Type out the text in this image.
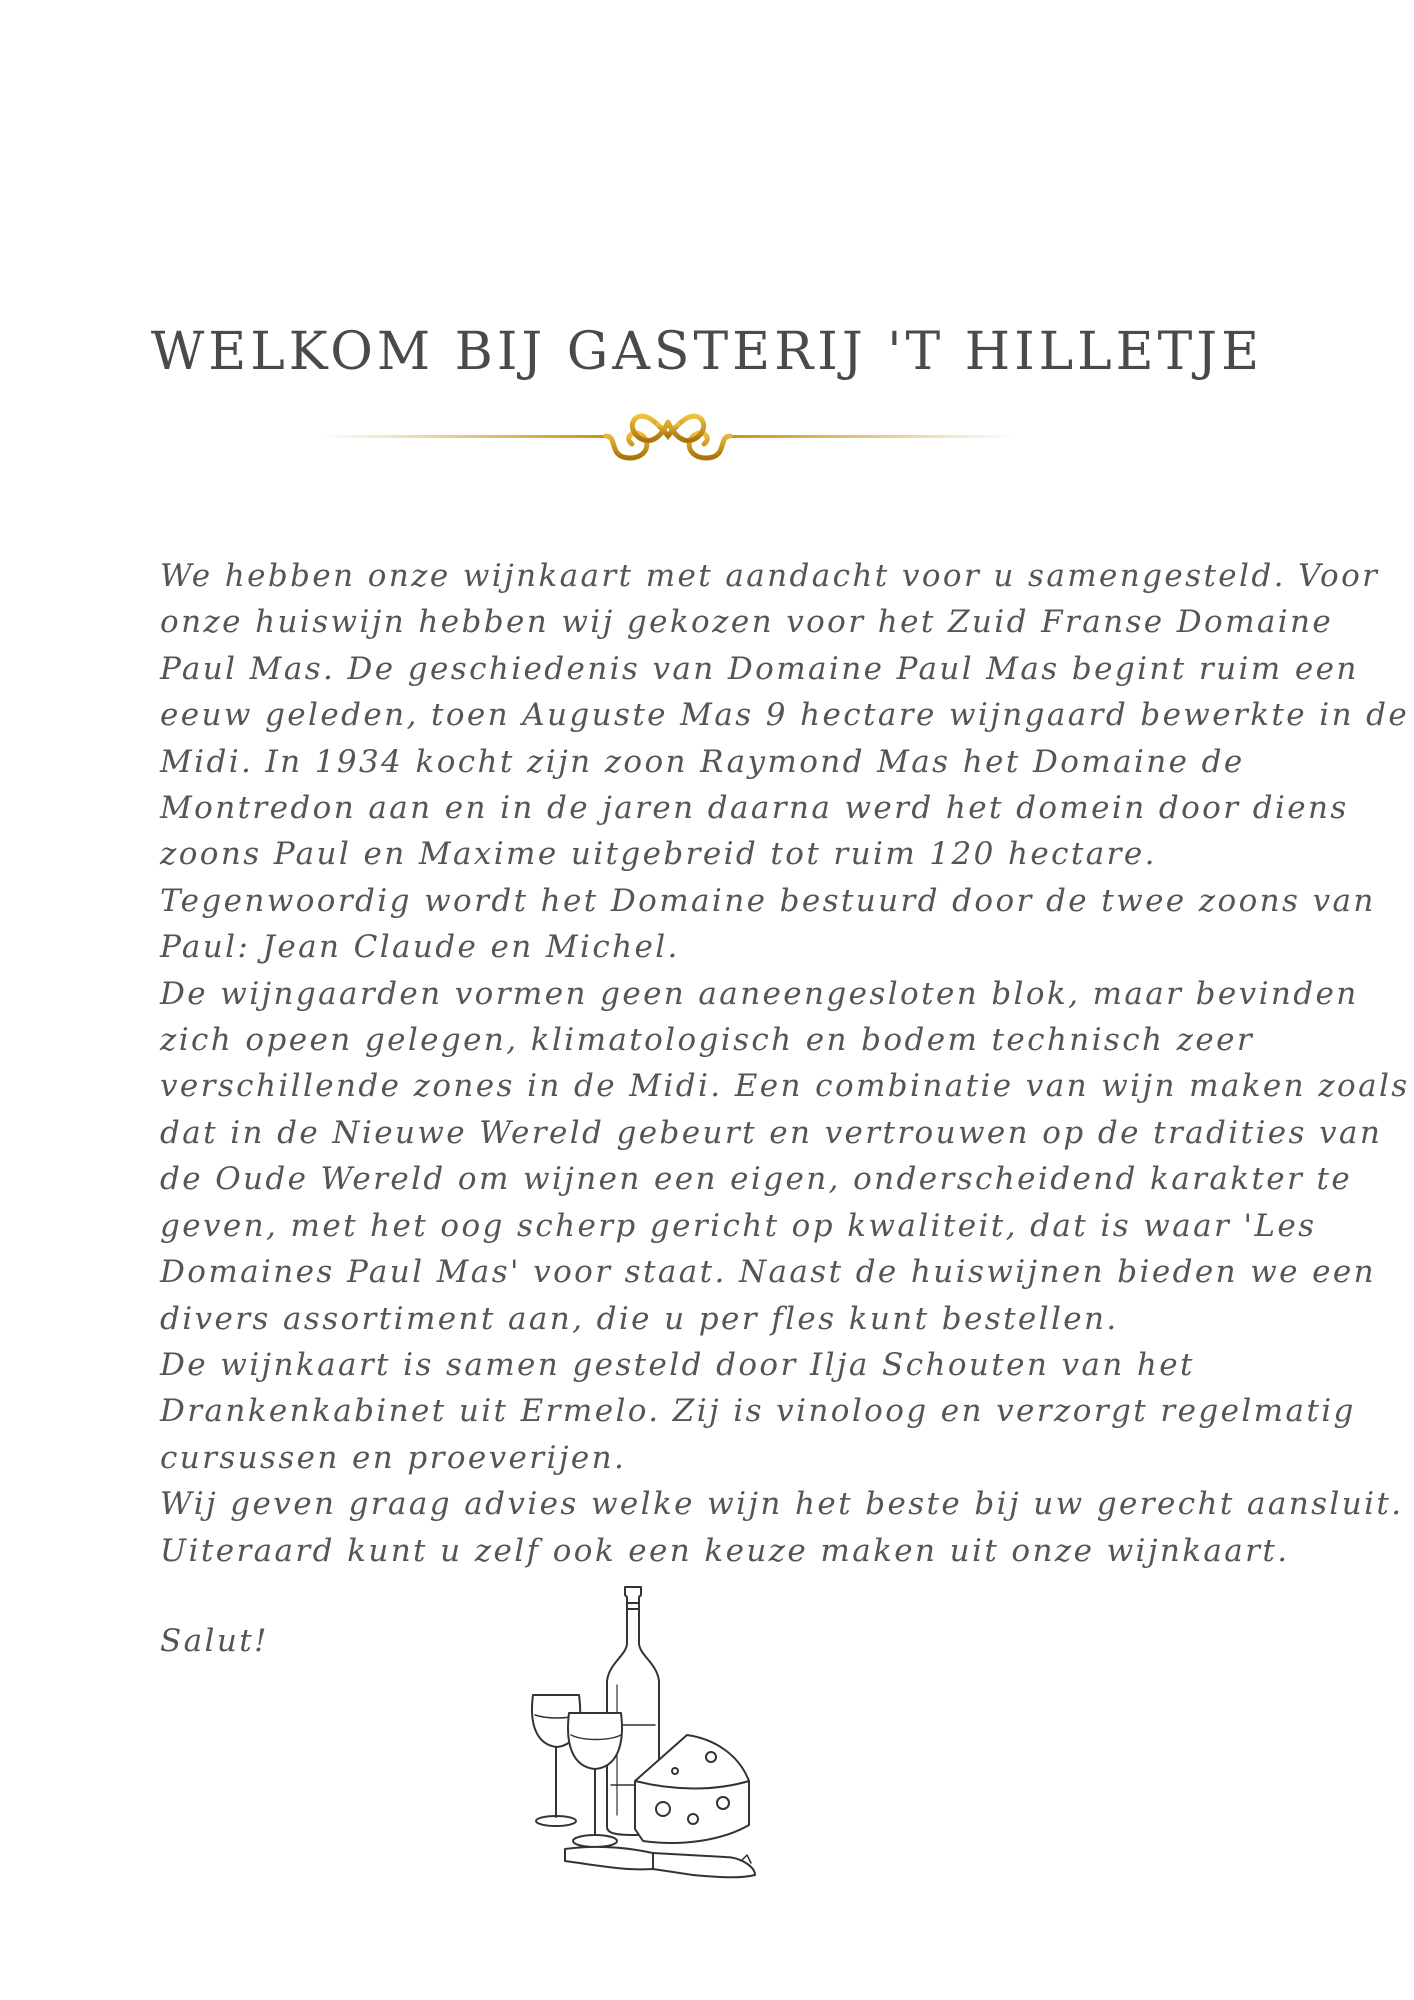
WELKOM BIJ GASTERIJ 'T HILLETJE
We hebben onze wijnkaart met aandacht voor u samengesteld. Voor
onze huiswijn hebben wij gekozen voor het Zuid Franse Domaine
Paul Mas. De geschiedenis van Domaine Paul Mas begint ruim een
eeuw geleden, toen Auguste Mas 9 hectare wijngaard bewerkte in de
Midi. In 1934 kocht zijn zoon Raymond Mas het Domaine de
Montredon aan en in de jaren daarna werd het domein door diens
zoons Paul en Maxime uitgebreid tot ruim 120 hectare.
Tegenwoordig wordt het Domaine bestuurd door de twee zoons van
Paul: Jean Claude en Michel.
De wijngaarden vormen geen aaneengesloten blok, maar bevinden
zich opeen gelegen, klimatologisch en bodem technisch zeer
verschillende zones in de Midi. Een combinatie van wijn maken zoals
dat in de Nieuwe Wereld gebeurt en vertrouwen op de tradities van
de Oude Wereld om wijnen een eigen, onderscheidend karakter te
geven, met het oog scherp gericht op kwaliteit, dat is waar 'Les
Domaines Paul Mas' voor staat. Naast de huiswijnen bieden we een
divers assortiment aan, die u per fles kunt bestellen.
De wijnkaart is samen gesteld door Ilja Schouten van het
Drankenkabinet uit Ermelo. Zij is vinoloog en verzorgt regelmatig
cursussen en proeverijen.
Wij geven graag advies welke wijn het beste bij uw gerecht aansluit.
Uiteraard kunt u zelf ook een keuze maken uit onze wijnkaart.
Salut!
